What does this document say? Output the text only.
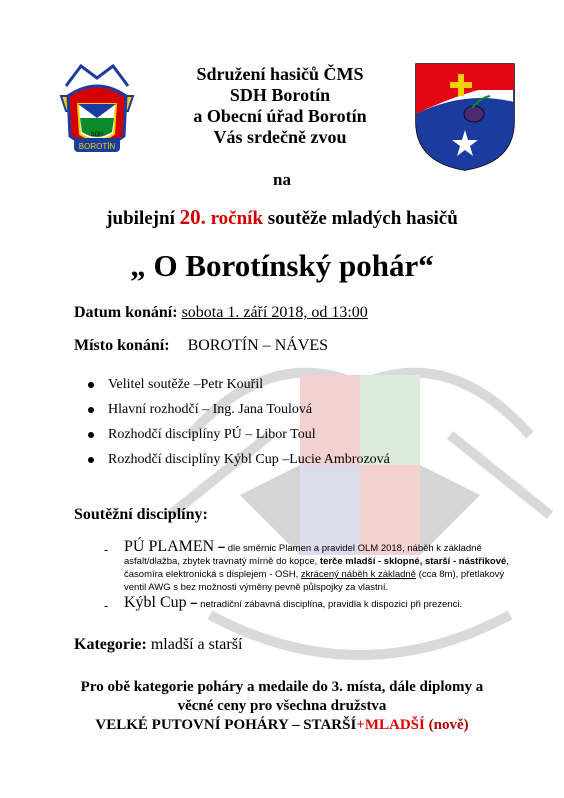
BOROTÍN
SDH
Sdružení hasičů ČMS
SDH Borotín
a Obecní úřad Borotín
Vás srdečně zvou
na
jubilejní 20. ročník soutěže mladých hasičů
„ O Borotínský pohár“
Datum konání: sobota 1. září 2018, od 13:00
Místo konání: BOROTÍN – NÁVES
Velitel soutěže –Petr Kouřil
Hlavní rozhodčí – Ing. Jana Toulová
Rozhodčí disciplíny PÚ – Libor Toul
Rozhodčí disciplíny Kýbl Cup –Lucie Ambrozová
Soutěžní disciplíny:
- PÚ PLAMEN – dle směrnic Plamen a pravidel OLM 2018, náběh k základně asfalt/dlažba, zbytek travnatý mírně do kopce, terče mladší - sklopné, starší - nástřikové, časomíra elektronická s displejem - OSH, zkrácený náběh k základně (cca 8m), přetlakový ventil AWG s bez možnosti výměny pevně půlspojky za vlastní.
- Kýbl Cup – netradiční zábavná disciplína, pravidla k dispozici při prezenci.
Kategorie: mladší a starší
Pro obě kategorie poháry a medaile do 3. místa, dále diplomy a
věcné ceny pro všechna družstva
VELKÉ PUTOVNÍ POHÁRY – STARŠÍ+MLADŠÍ (nově)
